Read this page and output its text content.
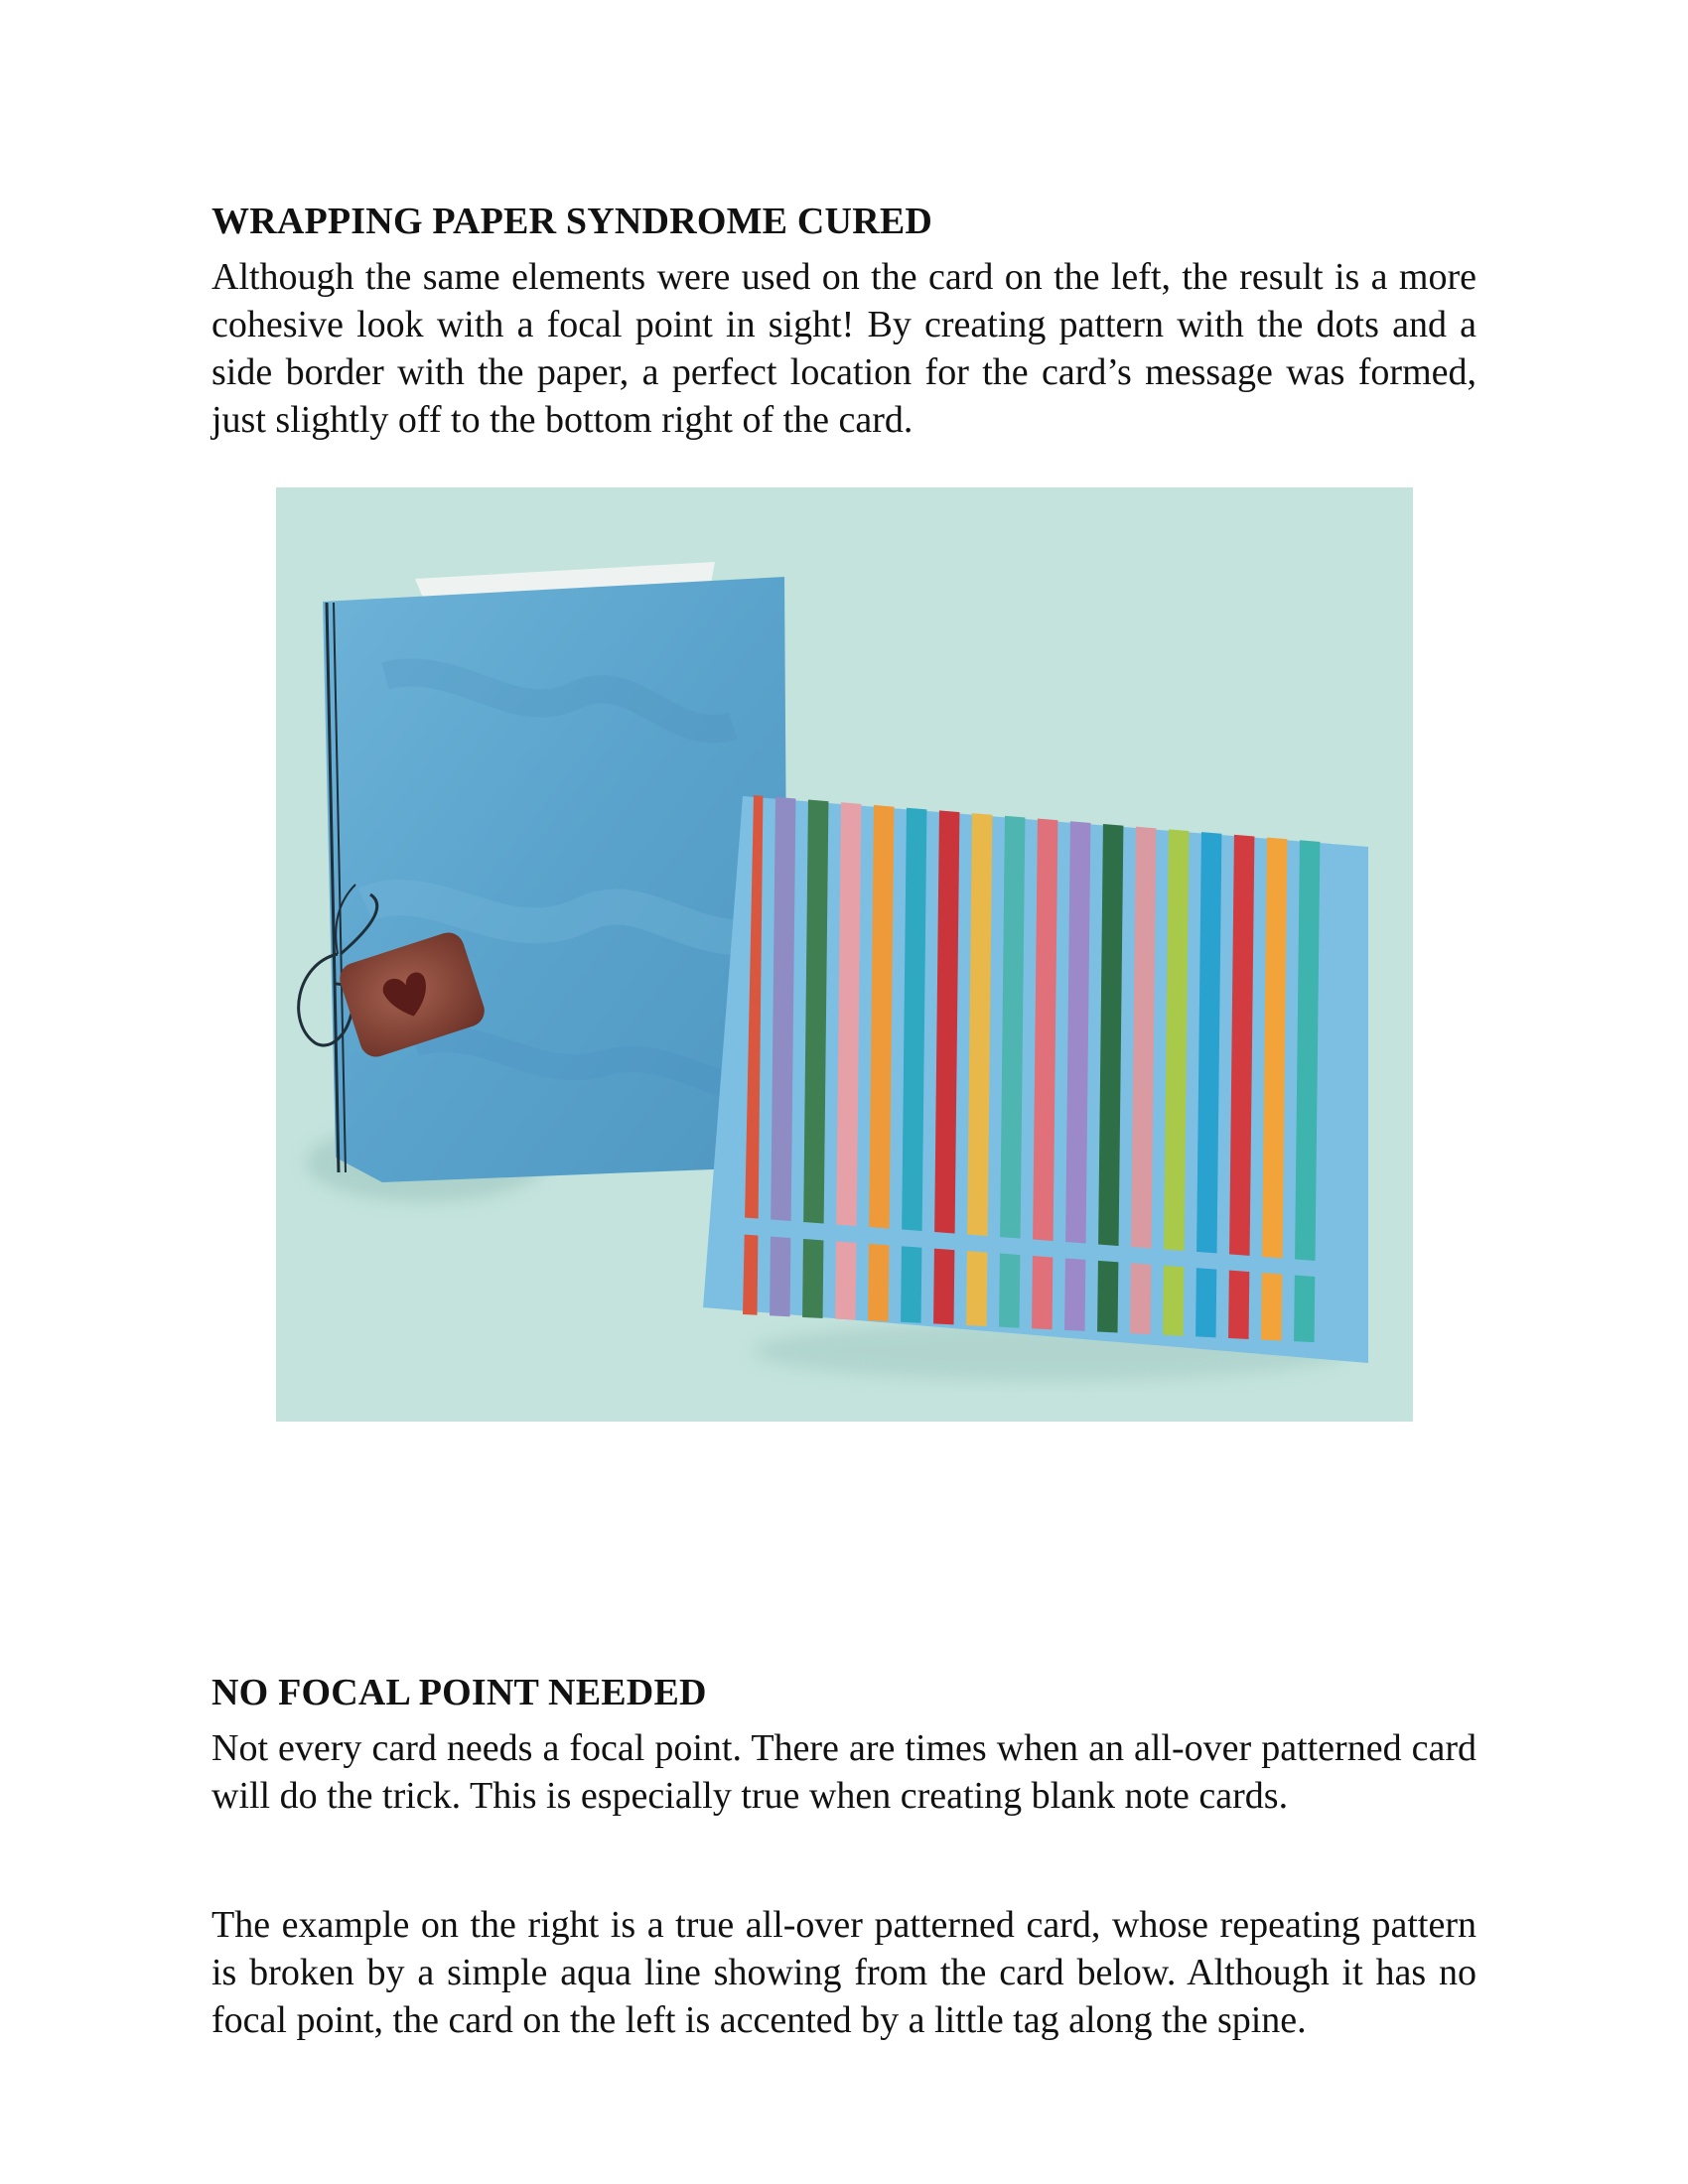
WRAPPING PAPER SYNDROME CURED

Although the same elements were used on the card on the left, the result is a more cohesive look with a focal point in sight! By creating pattern with the dots and a side border with the paper, a perfect location for the card’s message was formed, just slightly off to the bottom right of the card.

NO FOCAL POINT NEEDED

Not every card needs a focal point. There are times when an all-over patterned card will do the trick. This is especially true when creating blank note cards.

The example on the right is a true all-over patterned card, whose repeating pattern is broken by a simple aqua line showing from the card below. Although it has no focal point, the card on the left is accented by a little tag along the spine.
